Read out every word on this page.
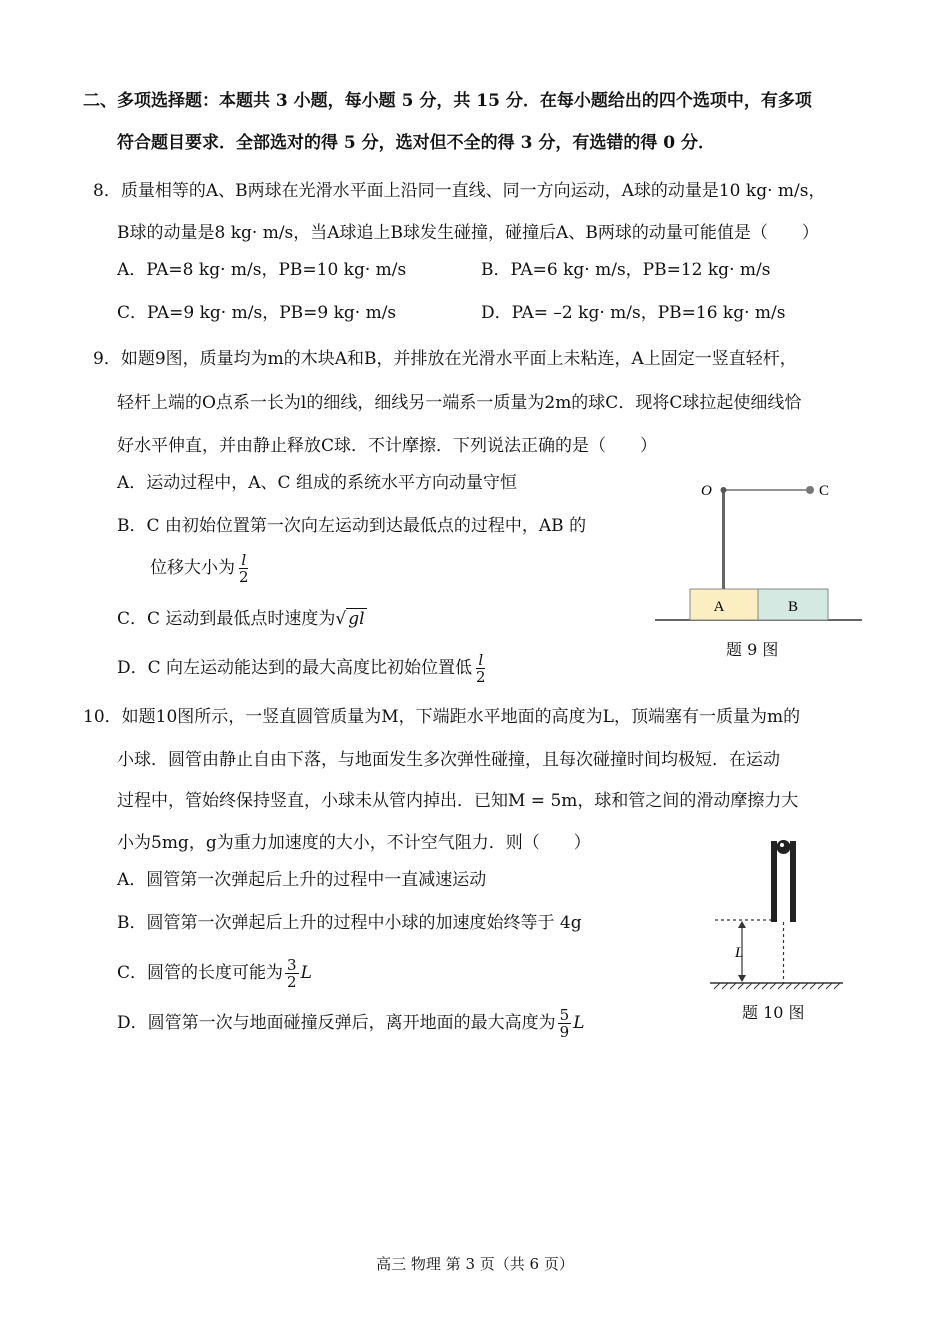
二、多项选择题：本题共 3 小题，每小题 5 分，共 15 分．在每小题给出的四个选项中，有多项
符合题目要求．全部选对的得 5 分，选对但不全的得 3 分，有选错的得 0 分．
8．质量相等的A、B两球在光滑水平面上沿同一直线、同一方向运动，A球的动量是10 kg· m/s，
B球的动量是8 kg· m/s，当A球追上B球发生碰撞，碰撞后A、B两球的动量可能值是（　　）
A．PA=8 kg· m/s，PB=10 kg· m/s	B．PA=6 kg· m/s，PB=12 kg· m/s
C．PA=9 kg· m/s，PB=9 kg· m/s	D．PA= –2 kg· m/s，PB=16 kg· m/s
9．如题9图，质量均为m的木块A和B，并排放在光滑水平面上未粘连，A上固定一竖直轻杆，
轻杆上端的O点系一长为l的细线，细线另一端系一质量为2m的球C．现将C球拉起使细线恰
好水平伸直，并由静止释放C球．不计摩擦．下列说法正确的是（　　）
A．运动过程中，A、C 组成的系统水平方向动量守恒
B．C 由初始位置第一次向左运动到达最低点的过程中，AB 的
位移大小为 $\frac{l}{2}$
C．C 运动到最低点时速度为√ gl
D．C 向左运动能达到的最大高度比初始位置低 $\frac{l}{2}$
O	C
A	B
题 9 图
10．如题10图所示，一竖直圆管质量为M，下端距水平地面的高度为L，顶端塞有一质量为m的
小球．圆管由静止自由下落，与地面发生多次弹性碰撞，且每次碰撞时间均极短．在运动
过程中，管始终保持竖直，小球未从管内掉出．已知M = 5m，球和管之间的滑动摩擦力大
小为5mg，g为重力加速度的大小，不计空气阻力．则（　　）
A．圆管第一次弹起后上升的过程中一直减速运动
B．圆管第一次弹起后上升的过程中小球的加速度始终等于 4g
C．圆管的长度可能为 $\frac{3}{2}$ L
D．圆管第一次与地面碰撞反弹后，离开地面的最大高度为 $\frac{5}{9}$ L
L
题 10 图
高三 物理 第 3 页（共 6 页）
